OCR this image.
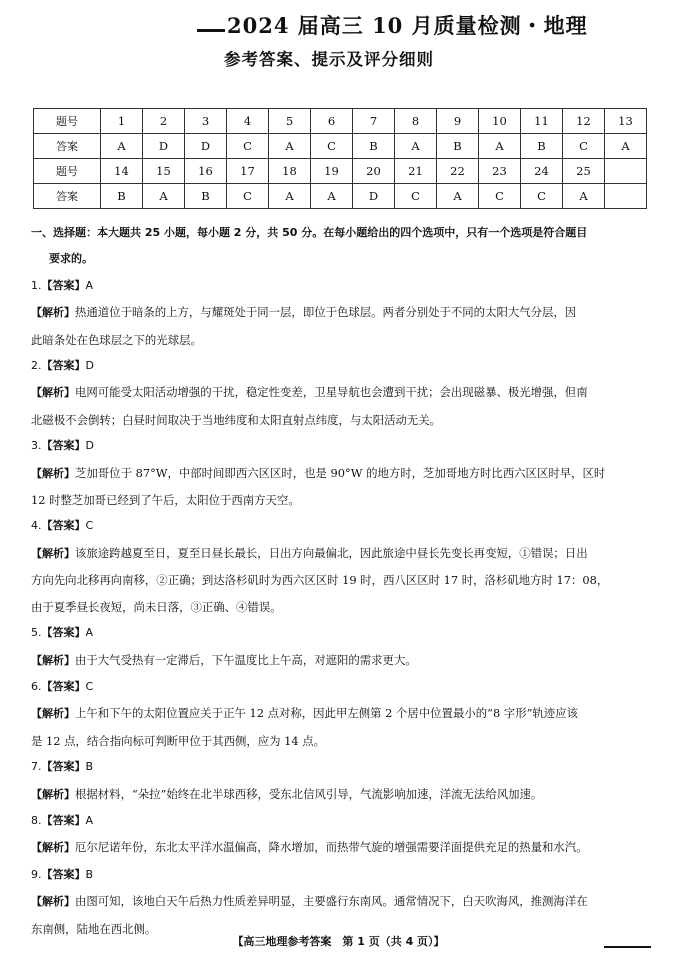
2024 届高三 10 月质量检测・地理
参考答案、提示及评分细则
题号	1	2	3	4	5	6	7	8	9	10	11	12	13
答案	A	D	D	C	A	C	B	A	B	A	B	C	A
题号	14	15	16	17	18	19	20	21	22	23	24	25	
答案	B	A	B	C	A	A	D	C	A	C	C	A	
一、选择题：本大题共 25 小题，每小题 2 分，共 50 分。在每小题给出的四个选项中，只有一个选项是符合题目
要求的。
1.【答案】A
【解析】热通道位于暗条的上方，与耀斑处于同一层，即位于色球层。两者分别处于不同的太阳大气分层，因
此暗条处在色球层之下的光球层。
2.【答案】D
【解析】电网可能受太阳活动增强的干扰，稳定性变差，卫星导航也会遭到干扰；会出现磁暴、极光增强，但南
北磁极不会倒转；白昼时间取决于当地纬度和太阳直射点纬度，与太阳活动无关。
3.【答案】D
【解析】芝加哥位于 87°W，中部时间即西六区区时，也是 90°W 的地方时，芝加哥地方时比西六区区时早，区时
12 时整芝加哥已经到了午后，太阳位于西南方天空。
4.【答案】C
【解析】该旅途跨越夏至日，夏至日昼长最长，日出方向最偏北，因此旅途中昼长先变长再变短，①错误；日出
方向先向北移再向南移，②正确；到达洛杉矶时为西六区区时 19 时，西八区区时 17 时，洛杉矶地方时 17：08，
由于夏季昼长夜短，尚未日落，③正确、④错误。
5.【答案】A
【解析】由于大气受热有一定滞后，下午温度比上午高，对遮阳的需求更大。
6.【答案】C
【解析】上午和下午的太阳位置应关于正午 12 点对称，因此甲左侧第 2 个居中位置最小的“8 字形”轨迹应该
是 12 点，结合指向标可判断甲位于其西侧，应为 14 点。
7.【答案】B
【解析】根据材料，“朵拉”始终在北半球西移，受东北信风引导，气流影响加速，洋流无法给风加速。
8.【答案】A
【解析】厄尔尼诺年份，东北太平洋水温偏高，降水增加，而热带气旋的增强需要洋面提供充足的热量和水汽。
9.【答案】B
【解析】由图可知，该地白天午后热力性质差异明显，主要盛行东南风。通常情况下，白天吹海风，推测海洋在
东南侧，陆地在西北侧。
【高三地理参考答案　第 1 页（共 4 页）】
